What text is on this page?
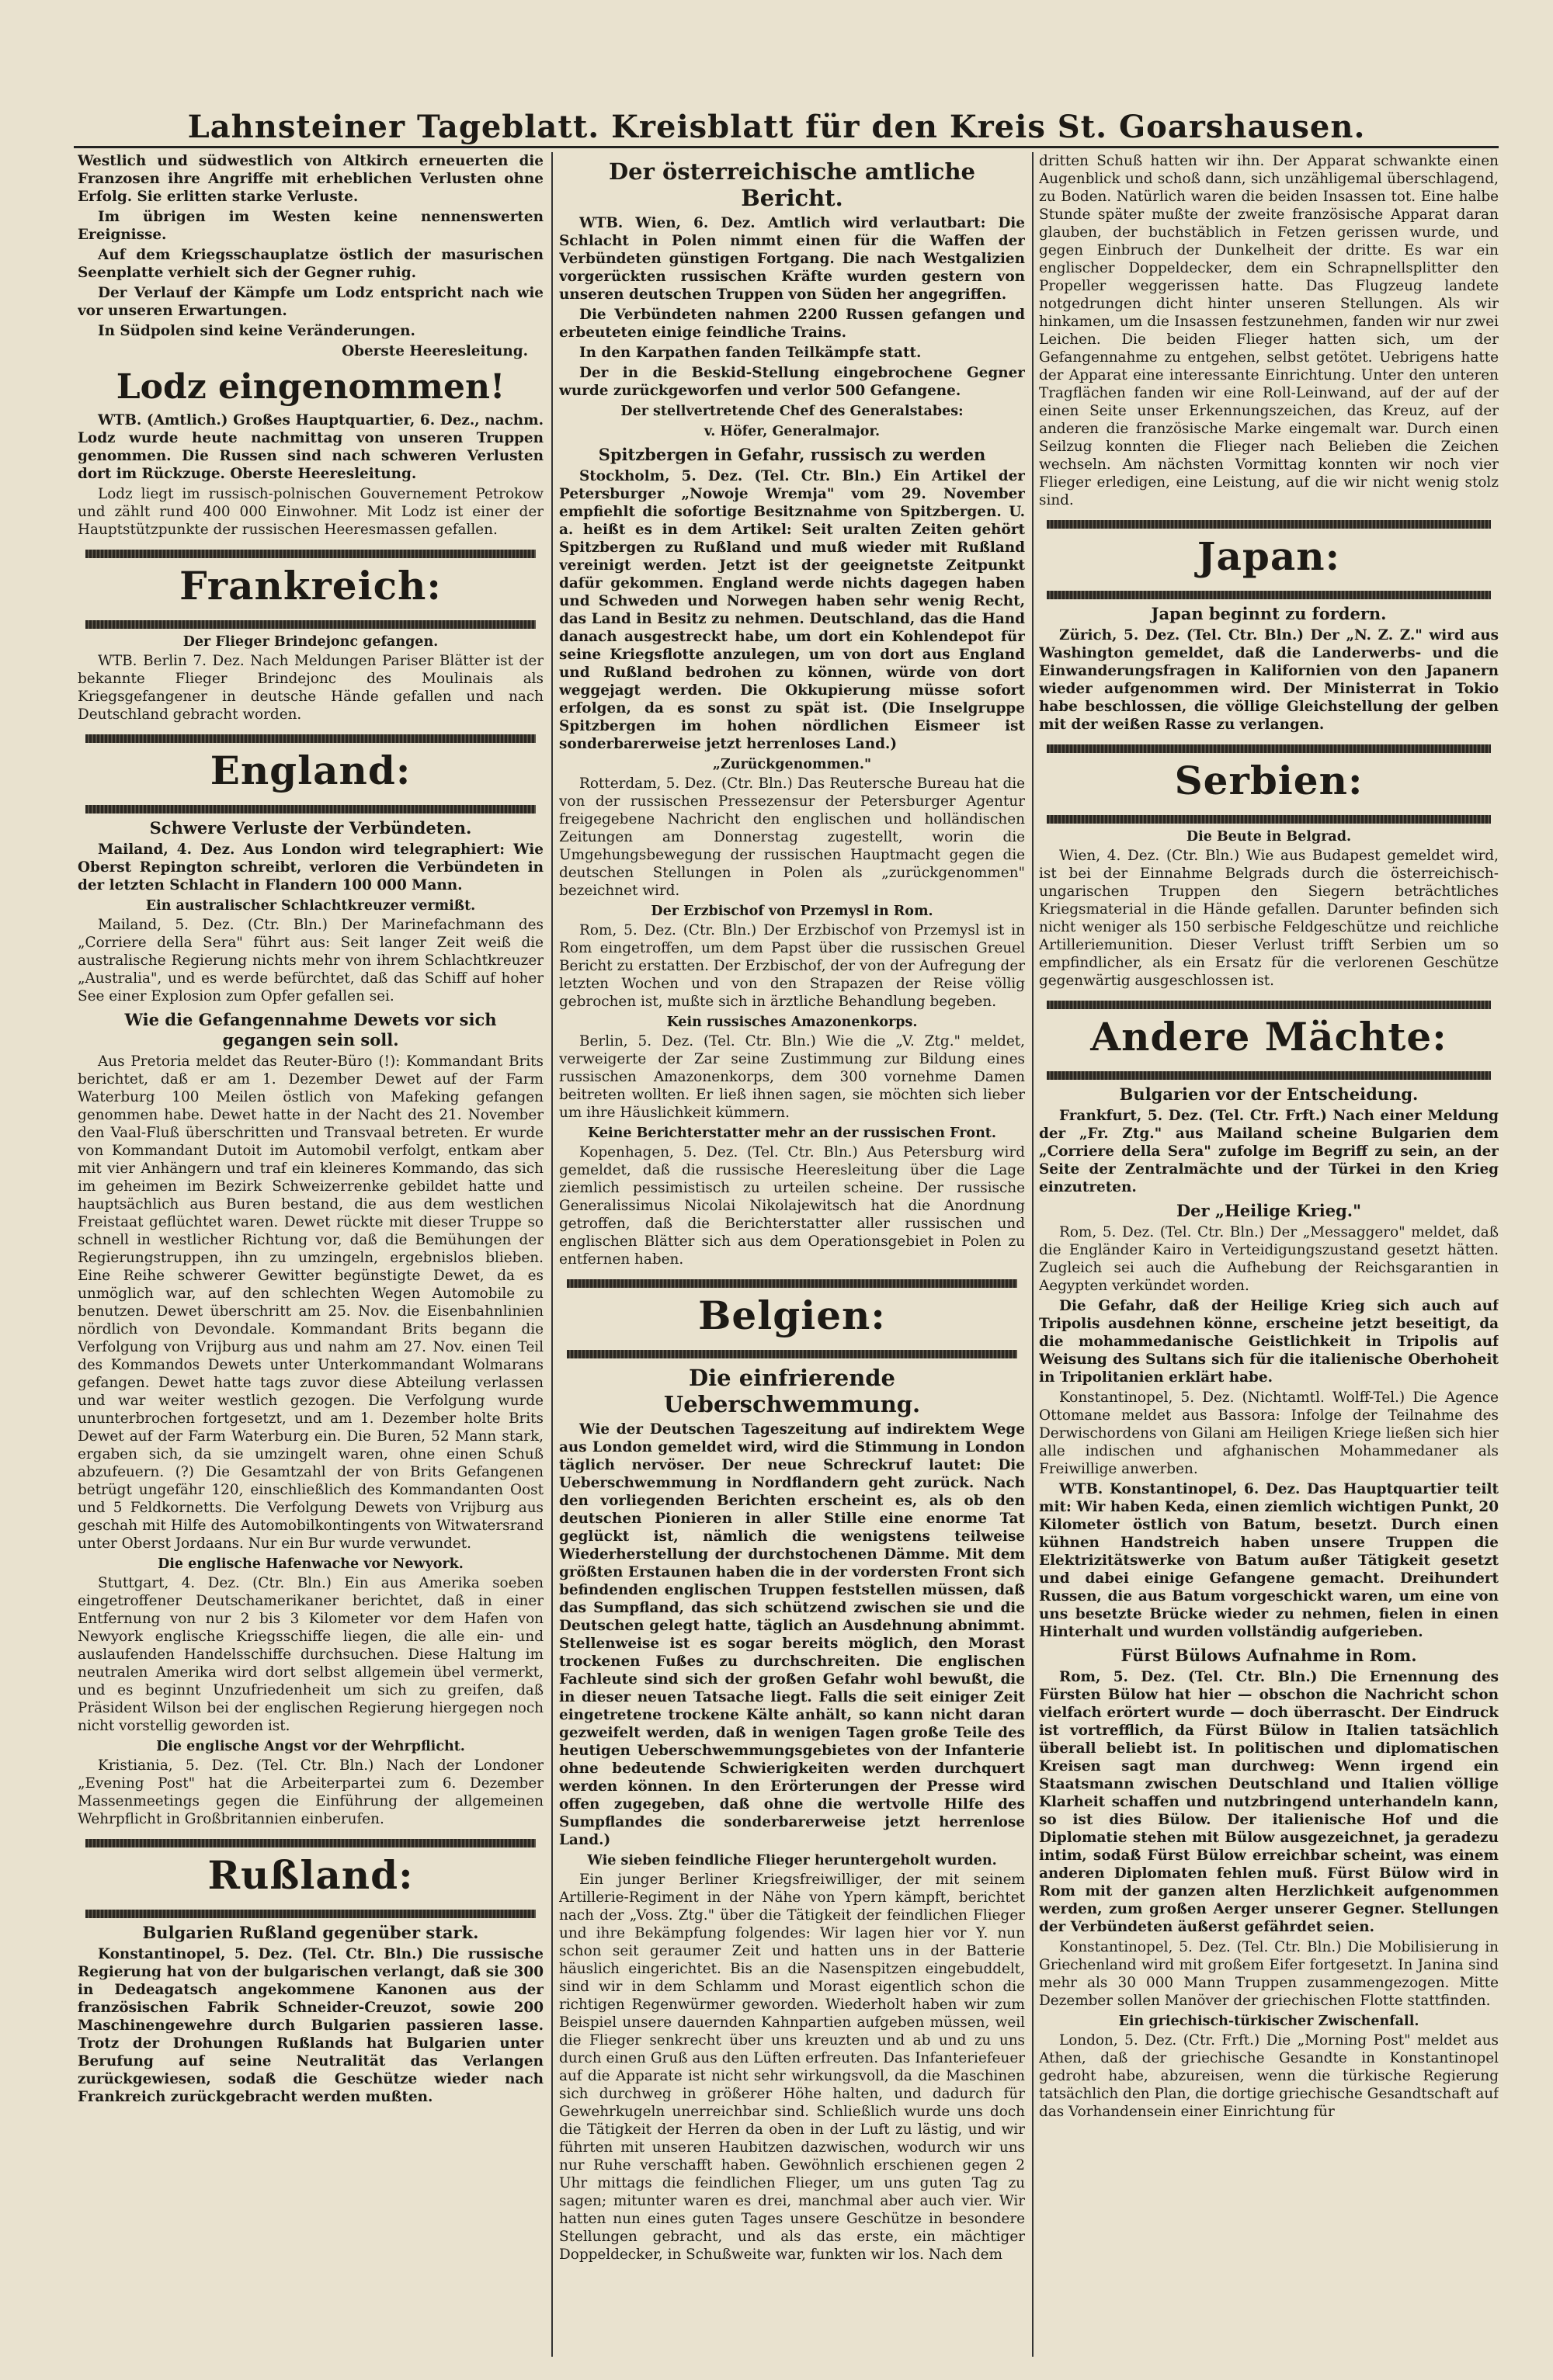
Lahnsteiner Tageblatt. Kreisblatt für den Kreis St. Goarshausen.

Westlich und südwestlich von Altkirch erneuerten die Franzosen ihre Angriffe mit erheblichen Verlusten ohne Erfolg. Sie erlitten starke Verluste.

Im übrigen im Westen keine nennenswerten Ereignisse.

Auf dem Kriegsschauplatze östlich der masurischen Seenplatte verhielt sich der Gegner ruhig.

Der Verlauf der Kämpfe um Lodz entspricht nach wie vor unseren Erwartungen.

In Südpolen sind keine Veränderungen.

Oberste Heeresleitung.
Lodz eingenommen!

WTB. (Amtlich.) Großes Hauptquartier, 6. Dez., nachm. Lodz wurde heute nachmittag von unseren Truppen genommen. Die Russen sind nach schweren Verlusten dort im Rückzuge. Oberste Heeresleitung.

Lodz liegt im russisch-polnischen Gouvernement Petrokow und zählt rund 400 000 Einwohner. Mit Lodz ist einer der Hauptstützpunkte der russischen Heeresmassen gefallen.

Frankreich:
Der Flieger Brindejonc gefangen.

WTB. Berlin 7. Dez. Nach Meldungen Pariser Blätter ist der bekannte Flieger Brindejonc des Moulinais als Kriegsgefangener in deutsche Hände gefallen und nach Deutschland gebracht worden.

England:
Schwere Verluste der Verbündeten.

Mailand, 4. Dez. Aus London wird telegraphiert: Wie Oberst Repington schreibt, verloren die Verbündeten in der letzten Schlacht in Flandern 100 000 Mann.

Ein australischer Schlachtkreuzer vermißt.

Mailand, 5. Dez. (Ctr. Bln.) Der Marinefachmann des „Corriere della Sera" führt aus: Seit langer Zeit weiß die australische Regierung nichts mehr von ihrem Schlachtkreuzer „Australia", und es werde befürchtet, daß das Schiff auf hoher See einer Explosion zum Opfer gefallen sei.

Wie die Gefangennahme Dewets vor sich gegangen sein soll.

Aus Pretoria meldet das Reuter-Büro (!): Kommandant Brits berichtet, daß er am 1. Dezember Dewet auf der Farm Waterburg 100 Meilen östlich von Mafeking gefangen genommen habe. Dewet hatte in der Nacht des 21. November den Vaal-Fluß überschritten und Transvaal betreten. Er wurde von Kommandant Dutoit im Automobil verfolgt, entkam aber mit vier Anhängern und traf ein kleineres Kommando, das sich im geheimen im Bezirk Schweizerrenke gebildet hatte und hauptsächlich aus Buren bestand, die aus dem westlichen Freistaat geflüchtet waren. Dewet rückte mit dieser Truppe so schnell in westlicher Richtung vor, daß die Bemühungen der Regierungstruppen, ihn zu umzingeln, ergebnislos blieben. Eine Reihe schwerer Gewitter begünstigte Dewet, da es unmöglich war, auf den schlechten Wegen Automobile zu benutzen. Dewet überschritt am 25. Nov. die Eisenbahnlinien nördlich von Devondale. Kommandant Brits begann die Verfolgung von Vrijburg aus und nahm am 27. Nov. einen Teil des Kommandos Dewets unter Unterkommandant Wolmarans gefangen. Dewet hatte tags zuvor diese Abteilung verlassen und war weiter westlich gezogen. Die Verfolgung wurde ununterbrochen fortgesetzt, und am 1. Dezember holte Brits Dewet auf der Farm Waterburg ein. Die Buren, 52 Mann stark, ergaben sich, da sie umzingelt waren, ohne einen Schuß abzufeuern. (?) Die Gesamtzahl der von Brits Gefangenen betrügt ungefähr 120, einschließlich des Kommandanten Oost und 5 Feldkornetts. Die Verfolgung Dewets von Vrijburg aus geschah mit Hilfe des Automobilkontingents von Witwatersrand unter Oberst Jordaans. Nur ein Bur wurde verwundet.

Die englische Hafenwache vor Newyork.

Stuttgart, 4. Dez. (Ctr. Bln.) Ein aus Amerika soeben eingetroffener Deutschamerikaner berichtet, daß in einer Entfernung von nur 2 bis 3 Kilometer vor dem Hafen von Newyork englische Kriegsschiffe liegen, die alle ein- und auslaufenden Handelsschiffe durchsuchen. Diese Haltung im neutralen Amerika wird dort selbst allgemein übel vermerkt, und es beginnt Unzufriedenheit um sich zu greifen, daß Präsident Wilson bei der englischen Regierung hiergegen noch nicht vorstellig geworden ist.

Die englische Angst vor der Wehrpflicht.

Kristiania, 5. Dez. (Tel. Ctr. Bln.) Nach der Londoner „Evening Post" hat die Arbeiterpartei zum 6. Dezember Massenmeetings gegen die Einführung der allgemeinen Wehrpflicht in Großbritannien einberufen.

Rußland:
Bulgarien Rußland gegenüber stark.

Konstantinopel, 5. Dez. (Tel. Ctr. Bln.) Die russische Regierung hat von der bulgarischen verlangt, daß sie 300 in Dedeagatsch angekommene Kanonen aus der französischen Fabrik Schneider-Creuzot, sowie 200 Maschinengewehre durch Bulgarien passieren lasse. Trotz der Drohungen Rußlands hat Bulgarien unter Berufung auf seine Neutralität das Verlangen zurückgewiesen, sodaß die Geschütze wieder nach Frankreich zurückgebracht werden mußten.

Der österreichische amtliche Bericht.

WTB. Wien, 6. Dez. Amtlich wird verlautbart: Die Schlacht in Polen nimmt einen für die Waffen der Verbündeten günstigen Fortgang. Die nach Westgalizien vorgerückten russischen Kräfte wurden gestern von unseren deutschen Truppen von Süden her angegriffen.

Die Verbündeten nahmen 2200 Russen gefangen und erbeuteten einige feindliche Trains.

In den Karpathen fanden Teilkämpfe statt.

Der in die Beskid-Stellung eingebrochene Gegner wurde zurückgeworfen und verlor 500 Gefangene.

Der stellvertretende Chef des Generalstabes:
v. Höfer, Generalmajor.
Spitzbergen in Gefahr, russisch zu werden

Stockholm, 5. Dez. (Tel. Ctr. Bln.) Ein Artikel der Petersburger „Nowoje Wremja" vom 29. November empfiehlt die sofortige Besitznahme von Spitzbergen. U. a. heißt es in dem Artikel: Seit uralten Zeiten gehört Spitzbergen zu Rußland und muß wieder mit Rußland vereinigt werden. Jetzt ist der geeignetste Zeitpunkt dafür gekommen. England werde nichts dagegen haben und Schweden und Norwegen haben sehr wenig Recht, das Land in Besitz zu nehmen. Deutschland, das die Hand danach ausgestreckt habe, um dort ein Kohlendepot für seine Kriegsflotte anzulegen, um von dort aus England und Rußland bedrohen zu können, würde von dort weggejagt werden. Die Okkupierung müsse sofort erfolgen, da es sonst zu spät ist. (Die Inselgruppe Spitzbergen im hohen nördlichen Eismeer ist sonderbarerweise jetzt herrenloses Land.)

„Zurückgenommen."

Rotterdam, 5. Dez. (Ctr. Bln.) Das Reutersche Bureau hat die von der russischen Pressezensur der Petersburger Agentur freigegebene Nachricht den englischen und holländischen Zeitungen am Donnerstag zugestellt, worin die Umgehungsbewegung der russischen Hauptmacht gegen die deutschen Stellungen in Polen als „zurückgenommen" bezeichnet wird.

Der Erzbischof von Przemysl in Rom.

Rom, 5. Dez. (Ctr. Bln.) Der Erzbischof von Przemysl ist in Rom eingetroffen, um dem Papst über die russischen Greuel Bericht zu erstatten. Der Erzbischof, der von der Aufregung der letzten Wochen und von den Strapazen der Reise völlig gebrochen ist, mußte sich in ärztliche Behandlung begeben.

Kein russisches Amazonenkorps.

Berlin, 5. Dez. (Tel. Ctr. Bln.) Wie die „V. Ztg." meldet, verweigerte der Zar seine Zustimmung zur Bildung eines russischen Amazonenkorps, dem 300 vornehme Damen beitreten wollten. Er ließ ihnen sagen, sie möchten sich lieber um ihre Häuslichkeit kümmern.

Keine Berichterstatter mehr an der russischen Front.

Kopenhagen, 5. Dez. (Tel. Ctr. Bln.) Aus Petersburg wird gemeldet, daß die russische Heeresleitung über die Lage ziemlich pessimistisch zu urteilen scheine. Der russische Generalissimus Nicolai Nikolajewitsch hat die Anordnung getroffen, daß die Berichterstatter aller russischen und englischen Blätter sich aus dem Operationsgebiet in Polen zu entfernen haben.

Belgien:
Die einfrierende Ueberschwemmung.

Wie der Deutschen Tageszeitung auf indirektem Wege aus London gemeldet wird, wird die Stimmung in London täglich nervöser. Der neue Schreckruf lautet: Die Ueberschwemmung in Nordflandern geht zurück. Nach den vorliegenden Berichten erscheint es, als ob den deutschen Pionieren in aller Stille eine enorme Tat geglückt ist, nämlich die wenigstens teilweise Wiederherstellung der durchstochenen Dämme. Mit dem größten Erstaunen haben die in der vordersten Front sich befindenden englischen Truppen feststellen müssen, daß das Sumpfland, das sich schützend zwischen sie und die Deutschen gelegt hatte, täglich an Ausdehnung abnimmt. Stellenweise ist es sogar bereits möglich, den Morast trockenen Fußes zu durchschreiten. Die englischen Fachleute sind sich der großen Gefahr wohl bewußt, die in dieser neuen Tatsache liegt. Falls die seit einiger Zeit eingetretene trockene Kälte anhält, so kann nicht daran gezweifelt werden, daß in wenigen Tagen große Teile des heutigen Ueberschwemmungsgebietes von der Infanterie ohne bedeutende Schwierigkeiten werden durchquert werden können. In den Erörterungen der Presse wird offen zugegeben, daß ohne die wertvolle Hilfe des Sumpflandes die sonderbarerweise jetzt herrenlose Land.)

Wie sieben feindliche Flieger heruntergeholt wurden.

Ein junger Berliner Kriegsfreiwilliger, der mit seinem Artillerie-Regiment in der Nähe von Ypern kämpft, berichtet nach der „Voss. Ztg." über die Tätigkeit der feindlichen Flieger und ihre Bekämpfung folgendes: Wir lagen hier vor Y. nun schon seit geraumer Zeit und hatten uns in der Batterie häuslich eingerichtet. Bis an die Nasenspitzen eingebuddelt, sind wir in dem Schlamm und Morast eigentlich schon die richtigen Regenwürmer geworden. Wiederholt haben wir zum Beispiel unsere dauernden Kahnpartien aufgeben müssen, weil die Flieger senkrecht über uns kreuzten und ab und zu uns durch einen Gruß aus den Lüften erfreuten. Das Infanteriefeuer auf die Apparate ist nicht sehr wirkungsvoll, da die Maschinen sich durchweg in größerer Höhe halten, und dadurch für Gewehrkugeln unerreichbar sind. Schließlich wurde uns doch die Tätigkeit der Herren da oben in der Luft zu lästig, und wir führten mit unseren Haubitzen dazwischen, wodurch wir uns nur Ruhe verschafft haben. Gewöhnlich erschienen gegen 2 Uhr mittags die feindlichen Flieger, um uns guten Tag zu sagen; mitunter waren es drei, manchmal aber auch vier. Wir hatten nun eines guten Tages unsere Geschütze in besondere Stellungen gebracht, und als das erste, ein mächtiger Doppeldecker, in Schußweite war, funkten wir los. Nach dem

dritten Schuß hatten wir ihn. Der Apparat schwankte einen Augenblick und schoß dann, sich unzähligemal überschlagend, zu Boden. Natürlich waren die beiden Insassen tot. Eine halbe Stunde später mußte der zweite französische Apparat daran glauben, der buchstäblich in Fetzen gerissen wurde, und gegen Einbruch der Dunkelheit der dritte. Es war ein englischer Doppeldecker, dem ein Schrapnellsplitter den Propeller weggerissen hatte. Das Flugzeug landete notgedrungen dicht hinter unseren Stellungen. Als wir hinkamen, um die Insassen festzunehmen, fanden wir nur zwei Leichen. Die beiden Flieger hatten sich, um der Gefangennahme zu entgehen, selbst getötet. Uebrigens hatte der Apparat eine interessante Einrichtung. Unter den unteren Tragflächen fanden wir eine Roll-Leinwand, auf der auf der einen Seite unser Erkennungszeichen, das Kreuz, auf der anderen die französische Marke eingemalt war. Durch einen Seilzug konnten die Flieger nach Belieben die Zeichen wechseln. Am nächsten Vormittag konnten wir noch vier Flieger erledigen, eine Leistung, auf die wir nicht wenig stolz sind.

Japan:
Japan beginnt zu fordern.

Zürich, 5. Dez. (Tel. Ctr. Bln.) Der „N. Z. Z." wird aus Washington gemeldet, daß die Landerwerbs- und die Einwanderungsfragen in Kalifornien von den Japanern wieder aufgenommen wird. Der Ministerrat in Tokio habe beschlossen, die völlige Gleichstellung der gelben mit der weißen Rasse zu verlangen.

Serbien:
Die Beute in Belgrad.

Wien, 4. Dez. (Ctr. Bln.) Wie aus Budapest gemeldet wird, ist bei der Einnahme Belgrads durch die österreichisch-ungarischen Truppen den Siegern beträchtliches Kriegsmaterial in die Hände gefallen. Darunter befinden sich nicht weniger als 150 serbische Feldgeschütze und reichliche Artilleriemunition. Dieser Verlust trifft Serbien um so empfindlicher, als ein Ersatz für die verlorenen Geschütze gegenwärtig ausgeschlossen ist.

Andere Mächte:
Bulgarien vor der Entscheidung.

Frankfurt, 5. Dez. (Tel. Ctr. Frft.) Nach einer Meldung der „Fr. Ztg." aus Mailand scheine Bulgarien dem „Corriere della Sera" zufolge im Begriff zu sein, an der Seite der Zentralmächte und der Türkei in den Krieg einzutreten.

Der „Heilige Krieg."

Rom, 5. Dez. (Tel. Ctr. Bln.) Der „Messaggero" meldet, daß die Engländer Kairo in Verteidigungszustand gesetzt hätten. Zugleich sei auch die Aufhebung der Reichsgarantien in Aegypten verkündet worden.

Die Gefahr, daß der Heilige Krieg sich auch auf Tripolis ausdehnen könne, erscheine jetzt beseitigt, da die mohammedanische Geistlichkeit in Tripolis auf Weisung des Sultans sich für die italienische Oberhoheit in Tripolitanien erklärt habe.

Konstantinopel, 5. Dez. (Nichtamtl. Wolff-Tel.) Die Agence Ottomane meldet aus Bassora: Infolge der Teilnahme des Derwischordens von Gilani am Heiligen Kriege ließen sich hier alle indischen und afghanischen Mohammedaner als Freiwillige anwerben.

WTB. Konstantinopel, 6. Dez. Das Hauptquartier teilt mit: Wir haben Keda, einen ziemlich wichtigen Punkt, 20 Kilometer östlich von Batum, besetzt. Durch einen kühnen Handstreich haben unsere Truppen die Elektrizitätswerke von Batum außer Tätigkeit gesetzt und dabei einige Gefangene gemacht. Dreihundert Russen, die aus Batum vorgeschickt waren, um eine von uns besetzte Brücke wieder zu nehmen, fielen in einen Hinterhalt und wurden vollständig aufgerieben.

Fürst Bülows Aufnahme in Rom.

Rom, 5. Dez. (Tel. Ctr. Bln.) Die Ernennung des Fürsten Bülow hat hier — obschon die Nachricht schon vielfach erörtert wurde — doch überrascht. Der Eindruck ist vortrefflich, da Fürst Bülow in Italien tatsächlich überall beliebt ist. In politischen und diplomatischen Kreisen sagt man durchweg: Wenn irgend ein Staatsmann zwischen Deutschland und Italien völlige Klarheit schaffen und nutzbringend unterhandeln kann, so ist dies Bülow. Der italienische Hof und die Diplomatie stehen mit Bülow ausgezeichnet, ja geradezu intim, sodaß Fürst Bülow erreichbar scheint, was einem anderen Diplomaten fehlen muß. Fürst Bülow wird in Rom mit der ganzen alten Herzlichkeit aufgenommen werden, zum großen Aerger unserer Gegner. Stellungen der Verbündeten äußerst gefährdet seien.

Konstantinopel, 5. Dez. (Tel. Ctr. Bln.) Die Mobilisierung in Griechenland wird mit großem Eifer fortgesetzt. In Janina sind mehr als 30 000 Mann Truppen zusammengezogen. Mitte Dezember sollen Manöver der griechischen Flotte stattfinden.

Ein griechisch-türkischer Zwischenfall.

London, 5. Dez. (Ctr. Frft.) Die „Morning Post" meldet aus Athen, daß der griechische Gesandte in Konstantinopel gedroht habe, abzureisen, wenn die türkische Regierung tatsächlich den Plan, die dortige griechische Gesandtschaft auf das Vorhandensein einer Einrichtung für
